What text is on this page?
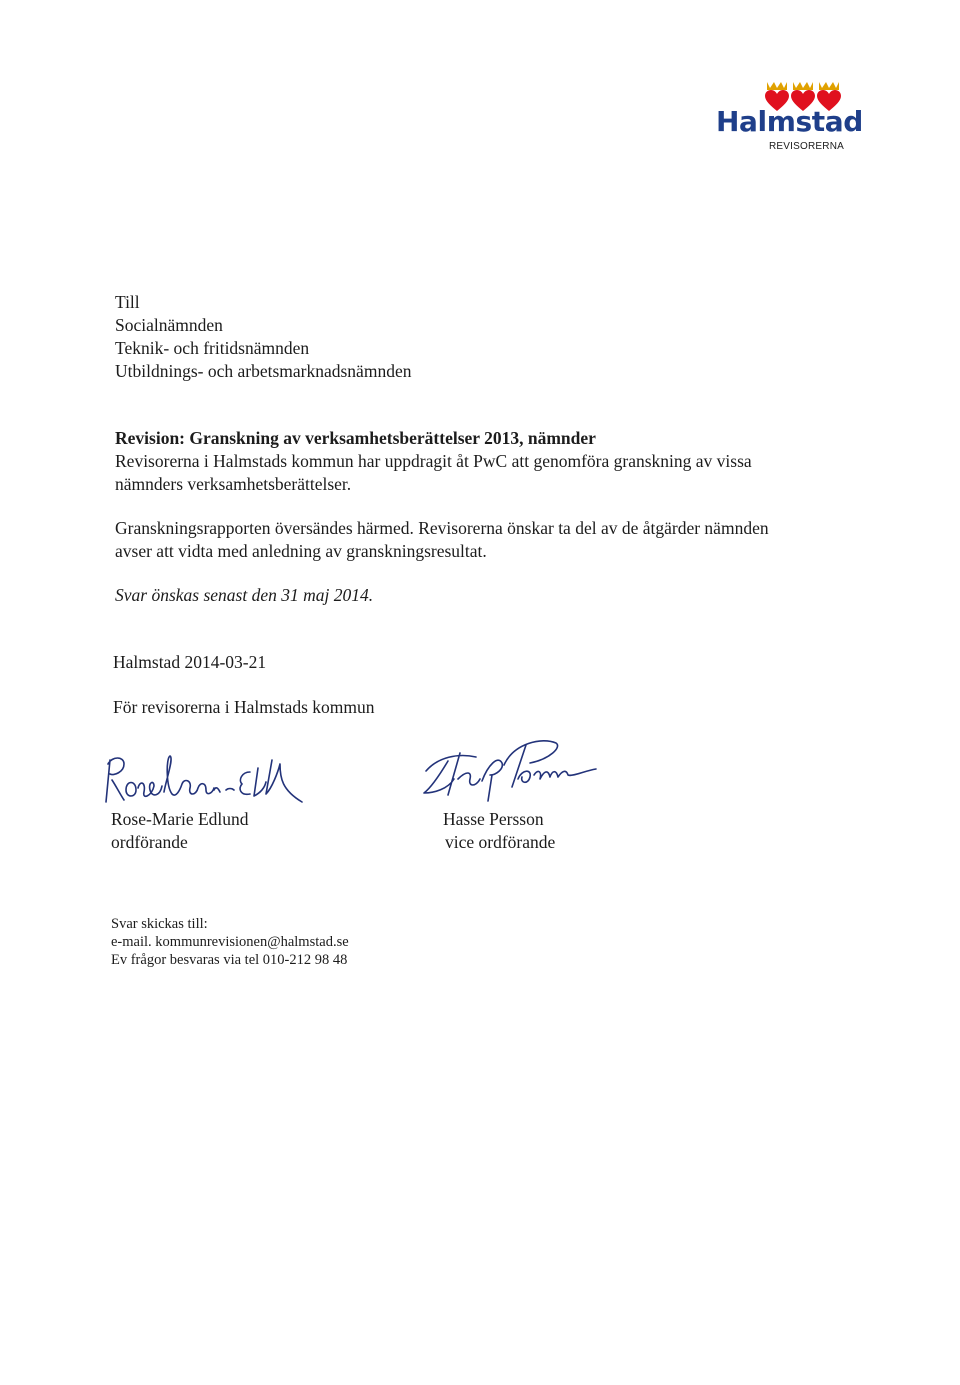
Halmstad
REVISORERNA
Till
Socialnämnden
Teknik- och fritidsnämnden
Utbildnings- och arbetsmarknadsnämnden
Revision: Granskning av verksamhetsberättelser 2013, nämnder
Revisorerna i Halmstads kommun har uppdragit åt PwC att genomföra granskning av vissa
nämnders verksamhetsberättelser.
Granskningsrapporten översändes härmed. Revisorerna önskar ta del av de åtgärder nämnden
avser att vidta med anledning av granskningsresultat.
Svar önskas senast den 31 maj 2014.
Halmstad 2014-03-21
För revisorerna i Halmstads kommun
Rose-Marie Edlund
ordförande
Hasse Persson
vice ordförande
Svar skickas till:
e-mail. kommunrevisionen@halmstad.se
Ev frågor besvaras via tel 010-212 98 48
